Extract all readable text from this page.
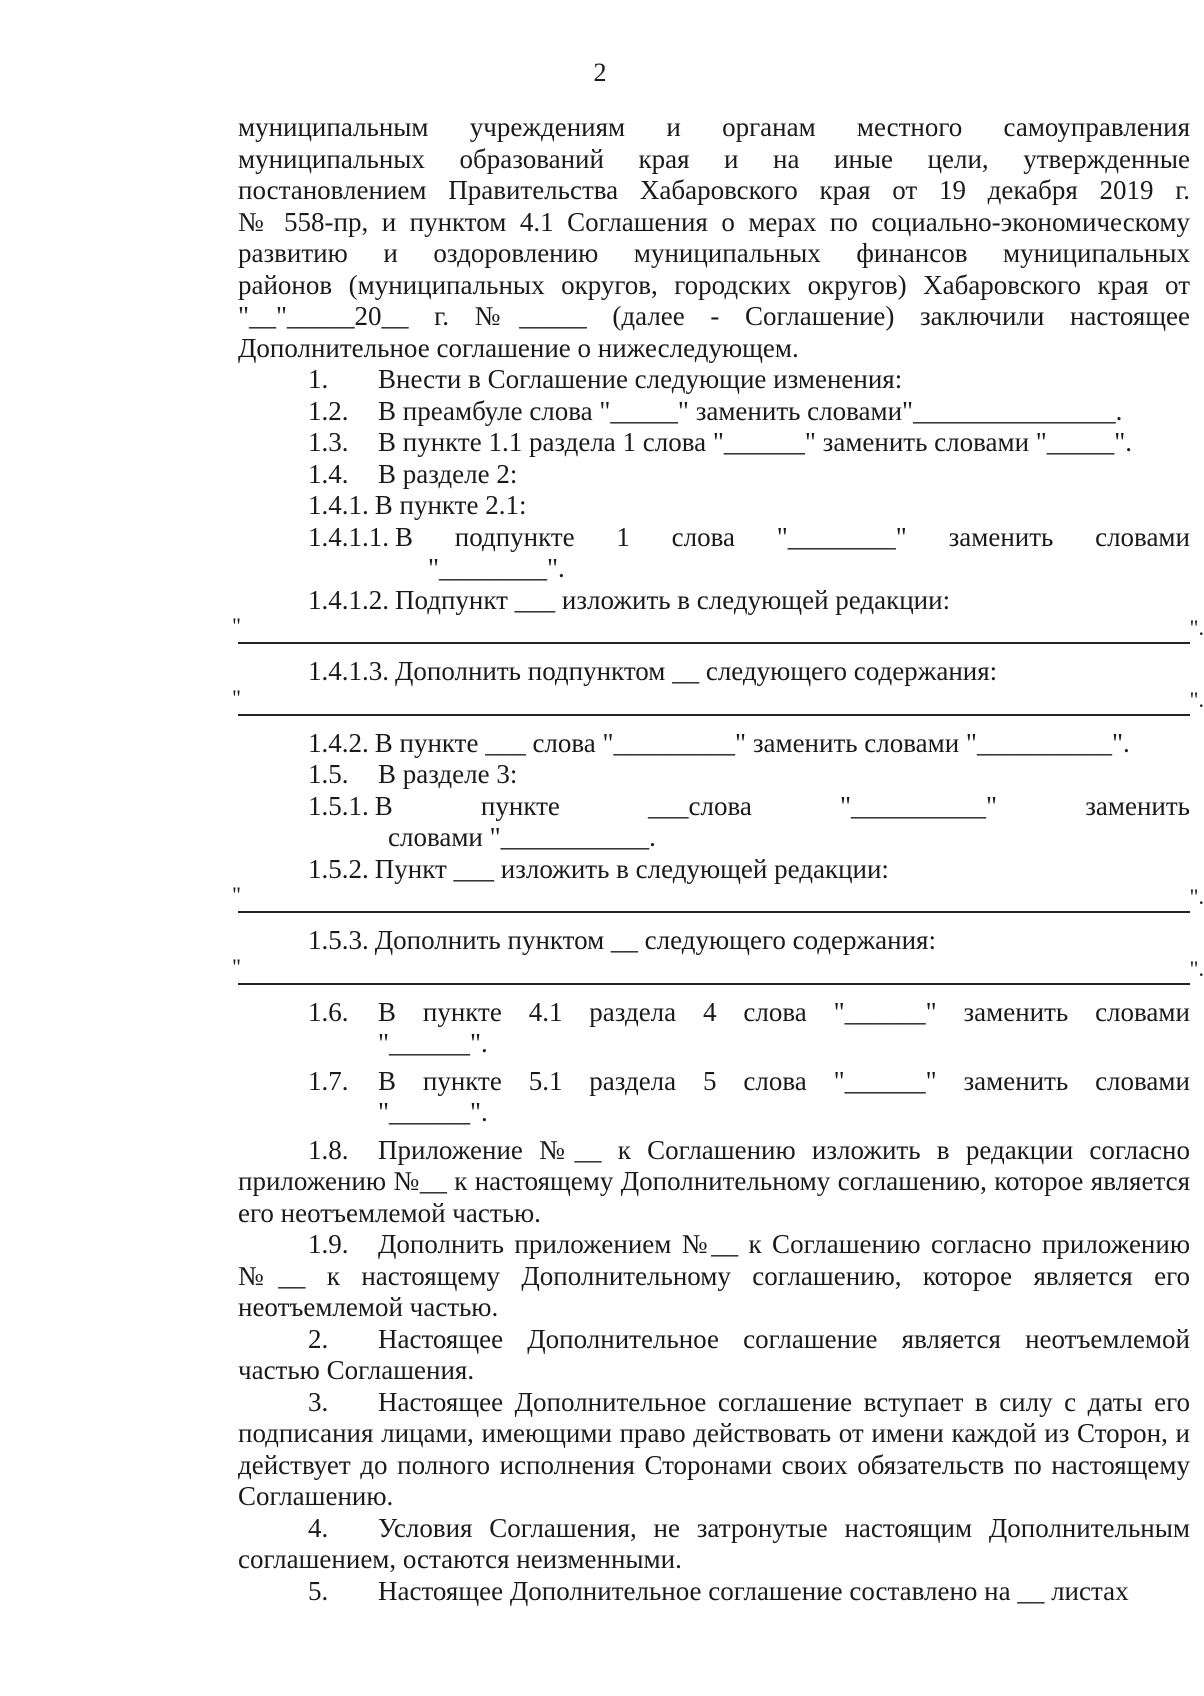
2

муниципальным учреждениям и органам местного самоуправления

муниципальных образований края и на иные цели, утвержденные

постановлением Правительства Хабаровского края от 19 декабря 2019 г.

№ 558-пр, и пунктом 4.1 Соглашения о мерах по социально-экономическому

развитию и оздоровлению муниципальных финансов муниципальных

районов (муниципальных округов, городских округов) Хабаровского края от

"__"_____20__ г. №_____ (далее - Соглашение) заключили настоящее

Дополнительное соглашение о нижеследующем.

1.	Внести в Соглашение следующие изменения:

1.2.	В преамбуле слова "_____" заменить словами"_______________.

1.3.	В пункте 1.1 раздела 1 слова "______" заменить словами "_____".

1.4.	В разделе 2:

1.4.1. В пункте 2.1:

1.4.1.1. В подпункте 1 слова "________" заменить словами

"________".

1.4.1.2. Подпункт ___ изложить в следующей редакции:

"	".

1.4.1.3. Дополнить подпунктом __ следующего содержания:

"	".

1.4.2. В пункте ___ слова "_________" заменить словами "__________".

1.5.	В разделе 3:

1.5.1. В	пункте	___слова	"__________"	заменить

словами "___________.

1.5.2. Пункт ___ изложить в следующей редакции:

"	".

1.5.3. Дополнить пунктом __ следующего содержания:

"	".

1.6.	В пункте 4.1 раздела 4 слова "______" заменить словами

"______".

1.7.	В пункте 5.1 раздела 5 слова "______" заменить словами

"______".

1.8. Приложение №__ к Соглашению изложить в редакции согласно приложению №__ к настоящему Дополнительному соглашению, которое является его неотъемлемой частью.

1.9. Дополнить приложением №__ к Соглашению согласно приложению №__ к настоящему Дополнительному соглашению, которое является его неотъемлемой частью.

2. Настоящее Дополнительное соглашение является неотъемлемой частью Соглашения.

3. Настоящее Дополнительное соглашение вступает в силу с даты его подписания лицами, имеющими право действовать от имени каждой из Сторон, и действует до полного исполнения Сторонами своих обязательств по настоящему Соглашению.

4. Условия Соглашения, не затронутые настоящим Дополнительным соглашением, остаются неизменными.

5. Настоящее Дополнительное соглашение составлено на __ листах
